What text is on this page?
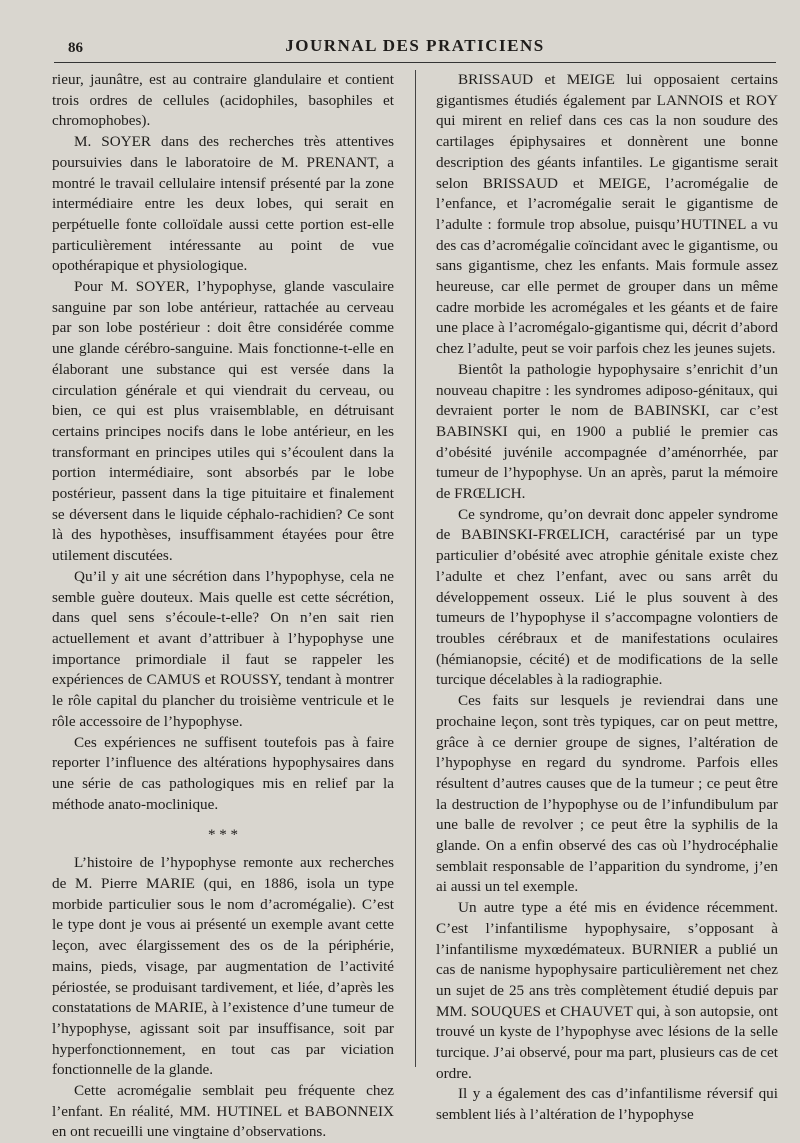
86	JOURNAL DES PRATICIENS

rieur, jaunâtre, est au contraire glandulaire et contient trois ordres de cellules (acidophiles, basophiles et chromophobes).

M. SOYER dans des recherches très attentives poursuivies dans le laboratoire de M. PRENANT, a montré le travail cellulaire intensif présenté par la zone intermédiaire entre les deux lobes, qui serait en perpétuelle fonte colloïdale aussi cette portion est-elle particulièrement intéressante au point de vue opothérapique et physiologique.

Pour M. SOYER, l’hypophyse, glande vasculaire sanguine par son lobe antérieur, rattachée au cerveau par son lobe postérieur : doit être considérée comme une glande cérébro-sanguine. Mais fonctionne-t-elle en élaborant une substance qui est versée dans la circulation générale et qui viendrait du cerveau, ou bien, ce qui est plus vraisemblable, en détruisant certains principes nocifs dans le lobe antérieur, en les transformant en principes utiles qui s’écoulent dans la portion intermédiaire, sont absorbés par le lobe postérieur, passent dans la tige pituitaire et finalement se déversent dans le liquide céphalo-rachidien? Ce sont là des hypothèses, insuffisamment étayées pour être utilement discutées.

Qu’il y ait une sécrétion dans l’hypophyse, cela ne semble guère douteux. Mais quelle est cette sécrétion, dans quel sens s’écoule-t-elle? On n’en sait rien actuellement et avant d’attribuer à l’hypophyse une importance primordiale il faut se rappeler les expériences de CAMUS et ROUSSY, tendant à montrer le rôle capital du plancher du troisième ventricule et le rôle accessoire de l’hypophyse.

Ces expériences ne suffisent toutefois pas à faire reporter l’influence des altérations hypophysaires dans une série de cas pathologiques mis en relief par la méthode anato-moclinique.

* * *

L’histoire de l’hypophyse remonte aux recherches de M. Pierre MARIE (qui, en 1886, isola un type morbide particulier sous le nom d’acromégalie). C’est le type dont je vous ai présenté un exemple avant cette leçon, avec élargissement des os de la périphérie, mains, pieds, visage, par augmentation de l’activité périostée, se produisant tardivement, et liée, d’après les constatations de MARIE, à l’existence d’une tumeur de l’hypophyse, agissant soit par insuffisance, soit par hyperfonctionnement, en tout cas par viciation fonctionnelle de la glande.

Cette acromégalie semblait peu fréquente chez l’enfant. En réalité, MM. HUTINEL et BABONNEIX en ont recueilli une vingtaine d’observations.

BRISSAUD et MEIGE lui opposaient certains gigantismes étudiés également par LANNOIS et ROY qui mirent en relief dans ces cas la non soudure des cartilages épiphysaires et donnèrent une bonne description des géants infantiles. Le gigantisme serait selon BRISSAUD et MEIGE, l’acromégalie de l’enfance, et l’acromégalie serait le gigantisme de l’adulte : formule trop absolue, puisqu’HUTINEL a vu des cas d’acromégalie coïncidant avec le gigantisme, ou sans gigantisme, chez les enfants. Mais formule assez heureuse, car elle permet de grouper dans un même cadre morbide les acromégales et les géants et de faire une place à l’acromégalo-gigantisme qui, décrit d’abord chez l’adulte, peut se voir parfois chez les jeunes sujets.

Bientôt la pathologie hypophysaire s’enrichit d’un nouveau chapitre : les syndromes adiposo-génitaux, qui devraient porter le nom de BABINSKI, car c’est BABINSKI qui, en 1900 a publié le premier cas d’obésité juvénile accompagnée d’aménorrhée, par tumeur de l’hypophyse. Un an après, parut la mémoire de FRŒLICH.

Ce syndrome, qu’on devrait donc appeler syndrome de BABINSKI-FRŒLICH, caractérisé par un type particulier d’obésité avec atrophie génitale existe chez l’adulte et chez l’enfant, avec ou sans arrêt du développement osseux. Lié le plus souvent à des tumeurs de l’hypophyse il s’accompagne volontiers de troubles cérébraux et de manifestations oculaires (hémianopsie, cécité) et de modifications de la selle turcique décelables à la radiographie.

Ces faits sur lesquels je reviendrai dans une prochaine leçon, sont très typiques, car on peut mettre, grâce à ce dernier groupe de signes, l’altération de l’hypophyse en regard du syndrome. Parfois elles résultent d’autres causes que de la tumeur ; ce peut être la destruction de l’hypophyse ou de l’infundibulum par une balle de revolver ; ce peut être la syphilis de la glande. On a enfin observé des cas où l’hydrocéphalie semblait responsable de l’apparition du syndrome, j’en ai aussi un tel exemple.

Un autre type a été mis en évidence récemment. C’est l’infantilisme hypophysaire, s’opposant à l’infantilisme myxœdémateux. BURNIER a publié un cas de nanisme hypophysaire particulièrement net chez un sujet de 25 ans très complètement étudié depuis par MM. SOUQUES et CHAUVET qui, à son autopsie, ont trouvé un kyste de l’hypophyse avec lésions de la selle turcique. J’ai observé, pour ma part, plusieurs cas de cet ordre.

Il y a également des cas d’infantilisme réversif qui semblent liés à l’altération de l’hypophyse
